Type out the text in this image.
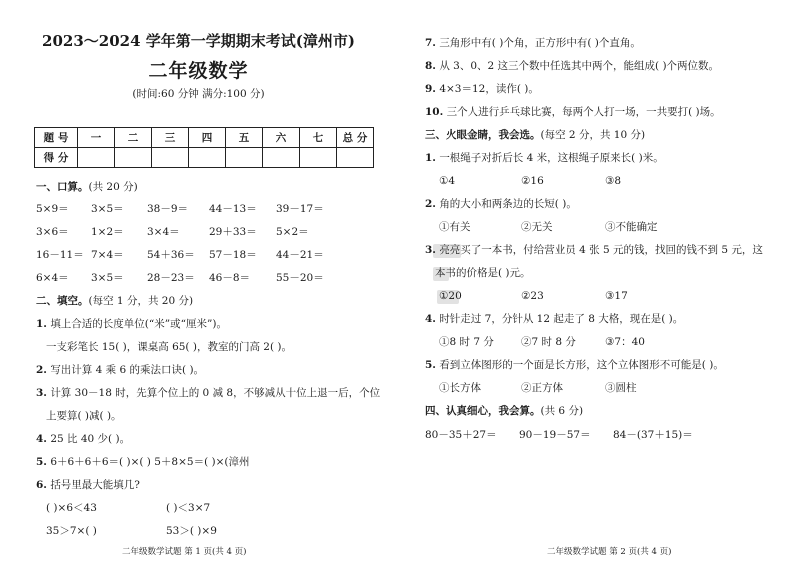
2023～2024 学年第一学期期末考试(漳州市)
二年级数学
(时间:60 分钟 满分:100 分)
题 号	一	二	三	四	五	六	七	总 分
得 分								
一、口算。(共 20 分)
5×9＝ 3×5＝ 38－9＝ 44－13＝ 39－17＝
3×6＝ 1×2＝ 3×4＝	29＋33＝ 5×2＝
16－11＝ 7×4＝ 54＋36＝ 57－18＝ 44－21＝
6×4＝ 3×5＝ 28－23＝ 46－8＝ 55－20＝
二、填空。(每空 1 分，共 20 分)
1. 填上合适的长度单位(“米”或“厘米”)。
一支彩笔长 15( )，课桌高 65( )，教室的门高 2( )。
2. 写出计算 4 乘 6 的乘法口诀( )。
3. 计算 30－18 时，先算个位上的 0 减 8，不够减从十位上退一后，个位
上要算( )减( )。
4. 25 比 40 少( )。
5. 6＋6＋6＋6＝( )×( ) 5＋8×5＝( )×(漳州
6. 括号里最大能填几?
( )×6＜43	( )＜3×7
35＞7×( )	53＞( )×9
二年级数学试题 第 1 页(共 4 页)
7. 三角形中有( )个角，正方形中有( )个直角。
8. 从 3、0、2 这三个数中任选其中两个，能组成( )个两位数。
9. 4×3＝12，读作( )。
10. 三个人进行乒乓球比赛，每两个人打一场，一共要打( )场。
三、火眼金睛，我会选。(每空 2 分，共 10 分)
1. 一根绳子对折后长 4 米，这根绳子原来长( )米。
①4	②16	③8
2. 角的大小和两条边的长短( )。
①有关	②无关	③不能确定
3. 亮亮买了一本书，付给营业员 4 张 5 元的钱，找回的钱不到 5 元，这
本书的价格是( )元。
①20	②23	③17
4. 时针走过 7，分针从 12 起走了 8 大格，现在是( )。
①8 时 7 分	②7 时 8 分	③7：40
5. 看到立体图形的一个面是长方形，这个立体图形不可能是( )。
①长方体	②正方体	③圆柱
四、认真细心，我会算。(共 6 分)
80－35＋27＝ 90－19－57＝ 84－(37＋15)＝
二年级数学试题 第 2 页(共 4 页)
